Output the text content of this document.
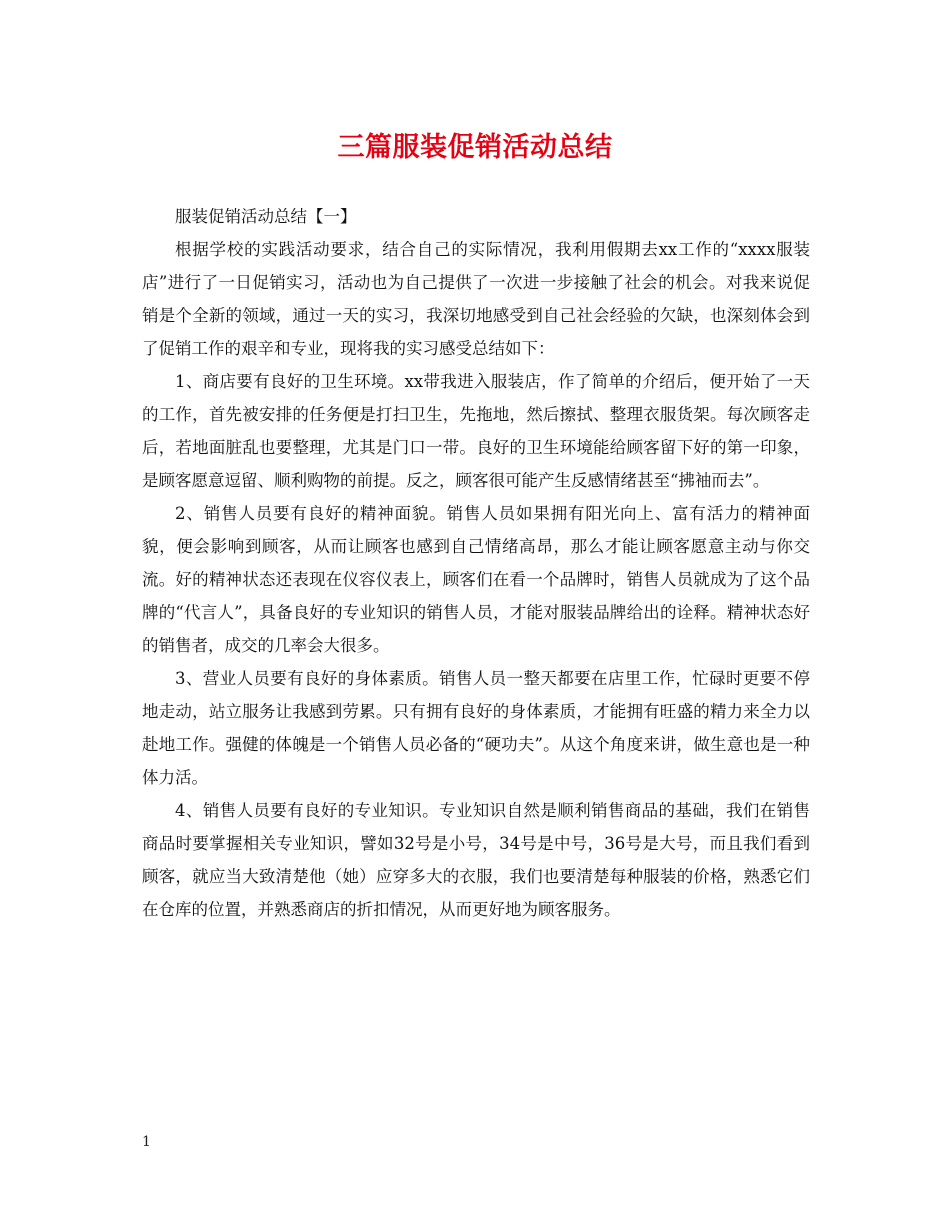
三篇服装促销活动总结

服装促销活动总结【一】

根据学校的实践活动要求，结合自己的实际情况，我利用假期去xx工作的“xxxx服装店”进行了一日促销实习，活动也为自己提供了一次进一步接触了社会的机会。对我来说促销是个全新的领域，通过一天的实习，我深切地感受到自己社会经验的欠缺，也深刻体会到了促销工作的艰辛和专业，现将我的实习感受总结如下：

1、商店要有良好的卫生环境。xx带我进入服装店，作了简单的介绍后，便开始了一天的工作，首先被安排的任务便是打扫卫生，先拖地，然后擦拭、整理衣服货架。每次顾客走后，若地面脏乱也要整理，尤其是门口一带。良好的卫生环境能给顾客留下好的第一印象，是顾客愿意逗留、顺利购物的前提。反之，顾客很可能产生反感情绪甚至“拂袖而去”。

2、销售人员要有良好的精神面貌。销售人员如果拥有阳光向上、富有活力的精神面貌，便会影响到顾客，从而让顾客也感到自己情绪高昂，那么才能让顾客愿意主动与你交流。好的精神状态还表现在仪容仪表上，顾客们在看一个品牌时，销售人员就成为了这个品牌的“代言人”，具备良好的专业知识的销售人员，才能对服装品牌给出的诠释。精神状态好的销售者，成交的几率会大很多。

3、营业人员要有良好的身体素质。销售人员一整天都要在店里工作，忙碌时更要不停地走动，站立服务让我感到劳累。只有拥有良好的身体素质，才能拥有旺盛的精力来全力以赴地工作。强健的体魄是一个销售人员必备的“硬功夫”。从这个角度来讲，做生意也是一种体力活。

4、销售人员要有良好的专业知识。专业知识自然是顺利销售商品的基础，我们在销售商品时要掌握相关专业知识，譬如32号是小号，34号是中号，36号是大号，而且我们看到顾客，就应当大致清楚他（她）应穿多大的衣服，我们也要清楚每种服装的价格，熟悉它们在仓库的位置，并熟悉商店的折扣情况，从而更好地为顾客服务。

1
